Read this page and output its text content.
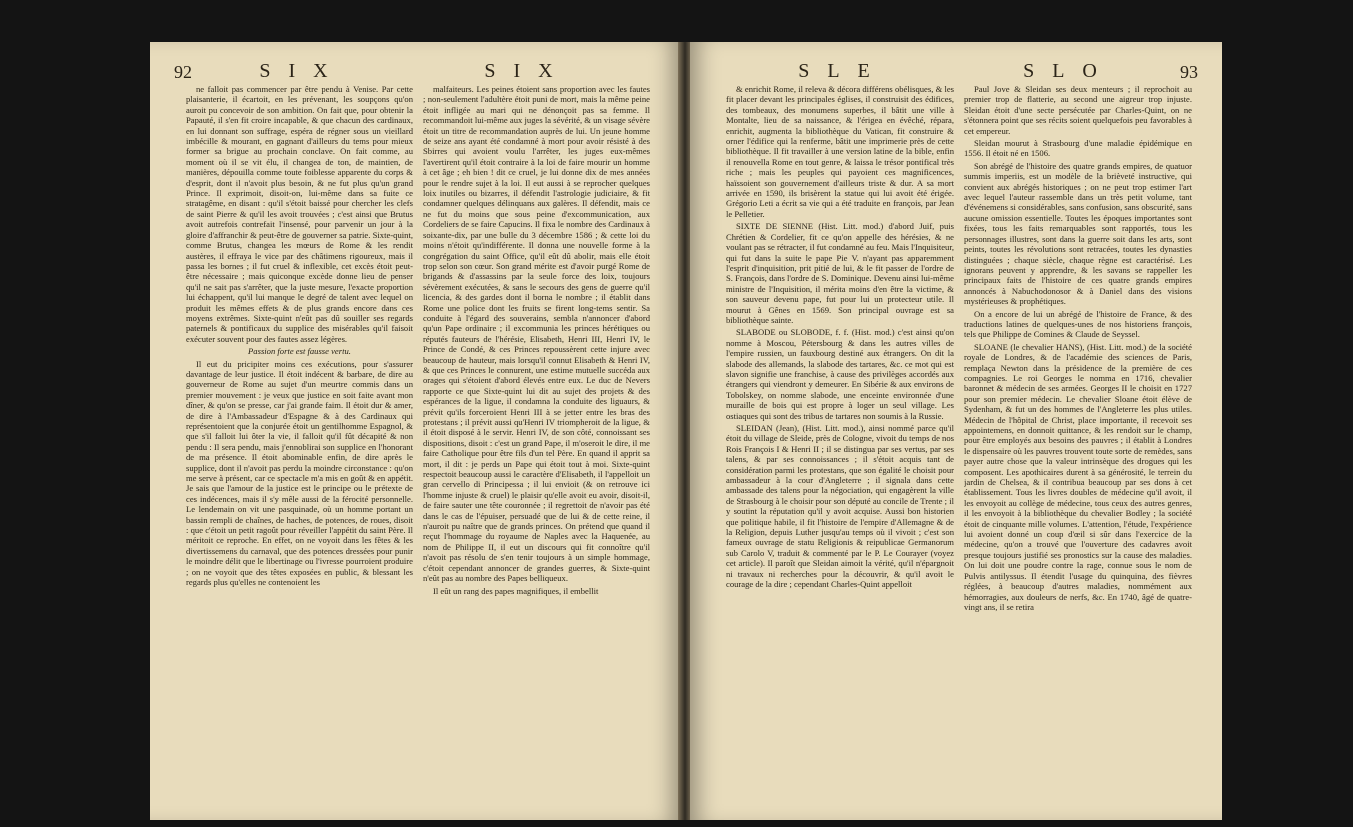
92	SIX	SIX

ne falloit pas commencer par être pendu à Venise. Par cette plaisanterie, il écartoit, en les prévenant, les soupçons qu'on auroit pu concevoir de son ambition. On fait que, pour obtenir la Papauté, il s'en fit croire incapable, & que chacun des cardinaux, en lui donnant son suffrage, espéra de régner sous un vieillard imbécille & mourant, en gagnant d'ailleurs du tems pour mieux former sa brigue au prochain conclave. On fait comme, au moment où il se vit élu, il changea de ton, de maintien, de manières, dépouilla comme toute foiblesse apparente du corps & d'esprit, dont il n'avoit plus besoin, & ne fut plus qu'un grand Prince. Il exprimoit, disoit-on, lui-même dans sa fuite ce stratagême, en disant : qu'il s'étoit baissé pour chercher les clefs de saint Pierre & qu'il les avoit trouvées ; c'est ainsi que Brutus avoit autrefois contrefait l'insensé, pour parvenir un jour à la gloire d'affranchir & peut-être de gouverner sa patrie. Sixte-quint, comme Brutus, changea les mœurs de Rome & les rendit austères, il effraya le vice par des châtimens rigoureux, mais il passa les bornes ; il fut cruel & inflexible, cet excès étoit peut-être nécessaire ; mais quiconque excède donne lieu de penser qu'il ne sait pas s'arrêter, que la juste mesure, l'exacte proportion lui échappent, qu'il lui manque le degré de talent avec lequel on produit les mêmes effets & de plus grands encore dans ces moyens extrêmes. Sixte-quint n'eût pas dû souiller ses regards paternels & pontificaux du supplice des misérables qu'il faisoit exécuter souvent pour des fautes assez légères.

Passion forte est fausse vertu.

Il eut du pricipiter moins ces exécutions, pour s'assurer davantage de leur justice. Il étoit indécent & barbare, de dire au gouverneur de Rome au sujet d'un meurtre commis dans un premier mouvement : je veux que justice en soit faite avant mon dîner, & qu'on se presse, car j'ai grande faim. Il étoit dur & amer, de dire à l'Ambassadeur d'Espagne & à des Cardinaux qui représentoient que la conjurée étoit un gentilhomme Espagnol, & que s'il falloit lui ôter la vie, il falloit qu'il fût décapité & non pendu : Il sera pendu, mais j'ennoblirai son supplice en l'honorant de ma présence. Il étoit abominable enfin, de dire après le supplice, dont il n'avoit pas perdu la moindre circonstance : qu'on me serve à présent, car ce spectacle m'a mis en goût & en appétit. Je sais que l'amour de la justice est le principe ou le prétexte de ces indécences, mais il s'y mêle aussi de la férocité personnelle. Le lendemain on vit une pasquinade, où un homme portant un bassin rempli de chaînes, de haches, de potences, de roues, disoit : que c'étoit un petit ragoût pour réveiller l'appétit du saint Père. Il méritoit ce reproche. En effet, on ne voyoit dans les fêtes & les divertissemens du carnaval, que des potences dressées pour punir le moindre délit que le libertinage ou l'ivresse pourroient produire ; on ne voyoit que des têtes exposées en public, & blessant les regards plus qu'elles ne contenoient les

malfaiteurs. Les peines étoient sans proportion avec les fautes ; non-seulement l'adultère étoit puni de mort, mais la même peine étoit infligée au mari qui ne dénonçoit pas sa femme. Il recommandoit lui-même aux juges la sévérité, & un visage sévère étoit un titre de recommandation auprès de lui. Un jeune homme de seize ans ayant été condamné à mort pour avoir résisté à des Sbirres qui avoient voulu l'arrêter, les juges eux-mêmes l'avertirent qu'il étoit contraire à la loi de faire mourir un homme à cet âge ; eh bien ! dit ce cruel, je lui donne dix de mes années pour le rendre sujet à la loi. Il eut aussi à se reprocher quelques loix inutiles ou bizarres, il défendit l'astrologie judiciaire, & fit condamner quelques délinquans aux galères. Il défendit, mais ce ne fut du moins que sous peine d'excommunication, aux Cordeliers de se faire Capucins. Il fixa le nombre des Cardinaux à soixante-dix, par une bulle du 3 décembre 1586 ; & cette loi du moins n'étoit qu'indifférente. Il donna une nouvelle forme à la congrégation du saint Office, qu'il eût dû abolir, mais elle étoit trop selon son cœur. Son grand mérite est d'avoir purgé Rome de brigands & d'assassins par la seule force des loix, toujours sévèrement exécutées, & sans le secours des gens de guerre qu'il licencia, & des gardes dont il borna le nombre ; il établit dans Rome une police dont les fruits se firent long-tems sentir. Sa conduite à l'égard des souverains, sembla n'annoncer d'abord qu'un Pape ordinaire ; il excommunia les princes hérétiques ou réputés fauteurs de l'hérésie, Elisabeth, Henri III, Henri IV, le Prince de Condé, & ces Princes repoussèrent cette injure avec beaucoup de hauteur, mais lorsqu'il connut Elisabeth & Henri IV, & que ces Princes le connurent, une estime mutuelle succéda aux orages qui s'étoient d'abord élevés entre eux. Le duc de Nevers rapporte ce que Sixte-quint lui dit au sujet des projets & des espérances de la ligue, il condamna la conduite des liguaurs, & prévit qu'ils forceroient Henri III à se jetter entre les bras des protestans ; il prévit aussi qu'Henri IV triompheroit de la ligue, & il étoit disposé à le servir. Henri IV, de son côté, connoissant ses dispositions, disoit : c'est un grand Pape, il m'oseroit le dire, il me faire Catholique pour être fils d'un tel Père. En quand il apprit sa mort, il dit : je perds un Pape qui étoit tout à moi. Sixte-quint respectoit beaucoup aussi le caractère d'Elisabeth, il l'appelloit un gran cervello di Principessa ; il lui envioit (& on retrouve ici l'homme injuste & cruel) le plaisir qu'elle avoit eu avoir, disoit-il, de faire sauter une tête couronnée ; il regrettoit de n'avoir pas été dans le cas de l'épuiser, persuadé que de lui & de cette reine, il n'auroit pu naître que de grands princes. On prétend que quand il reçut l'hommage du royaume de Naples avec la Haquenée, au nom de Philippe II, il eut un discours qui fit connoître qu'il n'avoit pas résolu de s'en tenir toujours à un simple hommage, c'étoit cependant annoncer de grandes guerres, & Sixte-quint n'eût pas au nombre des Papes belliqueux.

Il eût un rang des papes magnifiques, il embellit

SLE	SLO	93

& enrichit Rome, il releva & décora différens obélisques, & les fit placer devant les principales églises, il construisit des édifices, des tombeaux, des monumens superbes, il bâtit une ville à Montalte, lieu de sa naissance, & l'érigea en évêché, répara, enrichit, augmenta la bibliothèque du Vatican, fit construire & orner l'édifice qui la renferme, bâtit une imprimerie près de cette bibliothèque. Il fit travailler à une version latine de la bible, enfin il renouvella Rome en tout genre, & laissa le trésor pontifical très riche ; mais les peuples qui payoient ces magnificences, haïssoient son gouvernement d'ailleurs triste & dur. A sa mort arrivée en 1590, ils brisèrent la statue qui lui avoit été érigée. Grégorio Leti a écrit sa vie qui a été traduite en françois, par Jean le Pelletier.

SIXTE DE SIENNE (Hist. Litt. mod.) d'abord Juif, puis Chrétien & Cordelier, fit ce qu'on appelle des hérésies, & ne voulant pas se rétracter, il fut condamné au feu. Mais l'Inquisiteur, qui fut dans la suite le pape Pie V. n'ayant pas apparemment l'esprit d'inquisition, prit pitié de lui, & le fit passer de l'ordre de S. François, dans l'ordre de S. Dominique. Devenu ainsi lui-même ministre de l'Inquisition, il mérita moins d'en être la victime, & son sauveur devenu pape, fut pour lui un protecteur utile. Il mourut à Gênes en 1569. Son principal ouvrage est sa bibliothèque sainte.

SLABODE ou SLOBODE, f. f. (Hist. mod.) c'est ainsi qu'on nomme à Moscou, Pétersbourg & dans les autres villes de l'empire russien, un fauxbourg destiné aux étrangers. On dit la slabode des allemands, la slabode des tartares, &c. ce mot qui est slavon signifie une franchise, à cause des privilèges accordés aux étrangers qui viendront y demeurer. En Sibérie & aux environs de Tobolskey, on nomme slabode, une enceinte environnée d'une muraille de bois qui est propre à loger un seul village. Les ostiaques qui sont des tribus de tartares non soumis à la Russie.

SLEIDAN (Jean), (Hist. Litt. mod.), ainsi nommé parce qu'il étoit du village de Sleide, près de Cologne, vivoit du temps de nos Rois François I & Henri II ; il se distingua par ses vertus, par ses talens, & par ses connoissances ; il s'étoit acquis tant de considération parmi les protestans, que son égalité le choisit pour ambassadeur à la cour d'Angleterre ; il signala dans cette ambassade des talens pour la négociation, qui engagèrent la ville de Strasbourg à le choisir pour son député au concile de Trente ; il y soutint la réputation qu'il y avoit acquise. Aussi bon historien que politique habile, il fit l'histoire de l'empire d'Allemagne & de la Religion, depuis Luther jusqu'au temps où il vivoit ; c'est son fameux ouvrage de statu Religionis & reipublicae Germanorum sub Carolo V, traduit & commenté par le P. Le Courayer (voyez cet article). Il paroît que Sleidan aimoit la vérité, qu'il n'épargnoit ni travaux ni recherches pour la découvrir, & qu'il avoit le courage de la dire ; cependant Charles-Quint appelloit

Paul Jove & Sleidan ses deux menteurs ; il reprochoit au premier trop de flatterie, au second une aigreur trop injuste. Sleidan étoit d'une secte persécutée par Charles-Quint, on ne s'étonnera point que ses récits soient quelquefois peu favorables à cet empereur.

Sleidan mourut à Strasbourg d'une maladie épidémique en 1556. Il étoit né en 1506.

Son abrégé de l'histoire des quatre grands empires, de quatuor summis imperiis, est un modèle de la brièveté instructive, qui convient aux abrégés historiques ; on ne peut trop estimer l'art avec lequel l'auteur rassemble dans un très petit volume, tant d'événemens si considérables, sans confusion, sans obscurité, sans aucune omission essentielle. Toutes les époques importantes sont fixées, tous les faits remarquables sont rapportés, tous les personnages illustres, sont dans la guerre soit dans les arts, sont peints, toutes les révolutions sont retracées, toutes les dynasties distinguées ; chaque siècle, chaque règne est caractérisé. Les ignorans peuvent y apprendre, & les savans se rappeller les principaux faits de l'histoire de ces quatre grands empires annoncés à Nabuchodonosor & à Daniel dans des visions mystérieuses & prophétiques.

On a encore de lui un abrégé de l'histoire de France, & des traductions latines de quelques-unes de nos historiens françois, tels que Philippe de Comines & Claude de Seyssel.

SLOANE (le chevalier HANS), (Hist. Litt. mod.) de la société royale de Londres, & de l'académie des sciences de Paris, remplaça Newton dans la présidence de la première de ces compagnies. Le roi Georges le nomma en 1716, chevalier baronnet & médecin de ses armées. Georges II le choisit en 1727 pour son premier médecin. Le chevalier Sloane étoit élève de Sydenham, & fut un des hommes de l'Angleterre les plus utiles. Médecin de l'hôpital de Christ, place importante, il recevoit ses appointemens, en donnoit quittance, & les rendoit sur le champ, pour être employés aux besoins des pauvres ; il établit à Londres le dispensaire où les pauvres trouvent toute sorte de remèdes, sans payer autre chose que la valeur intrinsèque des drogues qui les composent. Les apothicaires durent à sa générosité, le terrein du jardin de Chelsea, & il contribua beaucoup par ses dons à cet établissement. Tous les livres doubles de médecine qu'il avoit, il les envoyoit au collège de médecine, tous ceux des autres genres, il les envoyoit à la bibliothèque du chevalier Bodley ; la société étoit de cinquante mille volumes. L'attention, l'étude, l'expérience lui avoient donné un coup d'œil si sûr dans l'exercice de la médecine, qu'on a trouvé que l'ouverture des cadavres avoit presque toujours justifié ses pronostics sur la cause des maladies. On lui doit une poudre contre la rage, connue sous le nom de Pulvis antilyssus. Il étendit l'usage du quinquina, des fièvres réglées, à beaucoup d'autres maladies, nommément aux hémorragies, aux douleurs de nerfs, &c. En 1740, âgé de quatre-vingt ans, il se retira
